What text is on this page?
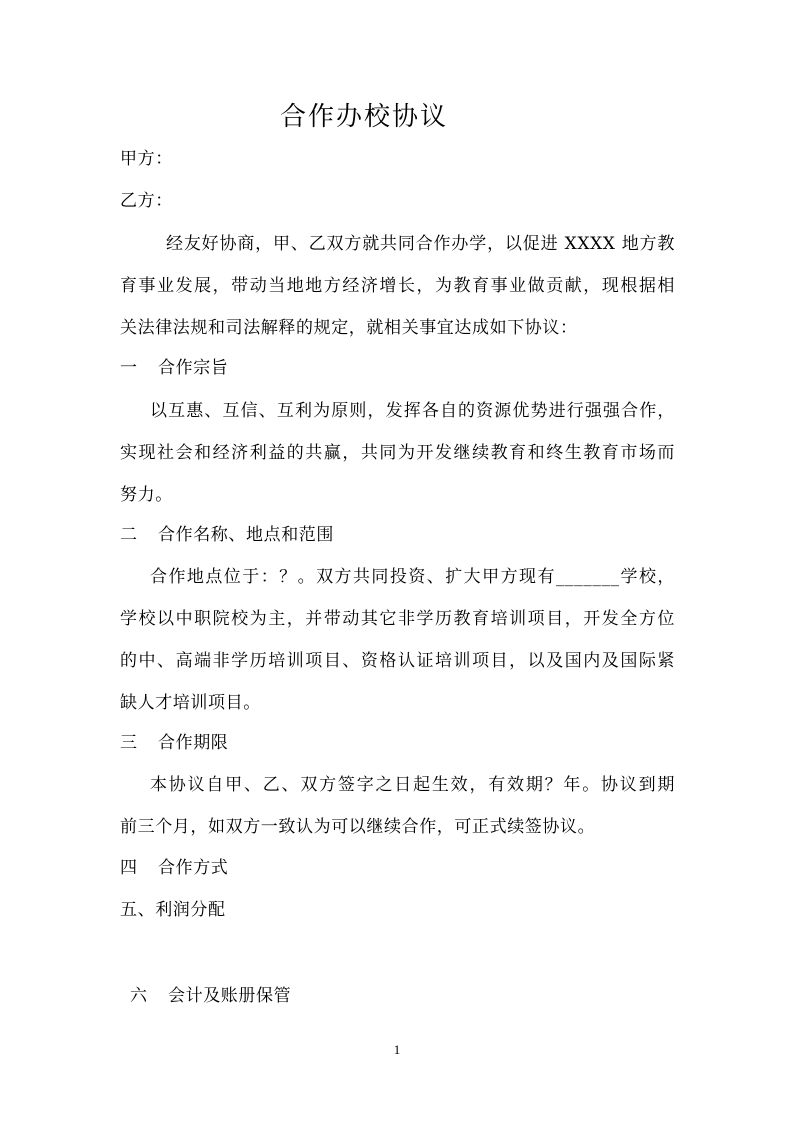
合作办校协议
甲方：
乙方：
经友好协商，甲、乙双方就共同合作办学，以促进 XXXX 地方教
育事业发展，带动当地地方经济增长，为教育事业做贡献，现根据相
关法律法规和司法解释的规定，就相关事宜达成如下协议：
一 合作宗旨
以互惠、互信、互利为原则，发挥各自的资源优势进行强强合作，
实现社会和经济利益的共赢，共同为开发继续教育和终生教育市场而
努力。
二 合作名称、地点和范围
合作地点位于：？。双方共同投资、扩大甲方现有_______学校，
学校以中职院校为主，并带动其它非学历教育培训项目，开发全方位
的中、高端非学历培训项目、资格认证培训项目，以及国内及国际紧
缺人才培训项目。
三 合作期限
本协议自甲、乙、双方签字之日起生效，有效期？年。协议到期
前三个月，如双方一致认为可以继续合作，可正式续签协议。
四 合作方式
五、利润分配
六 会计及账册保管
1
